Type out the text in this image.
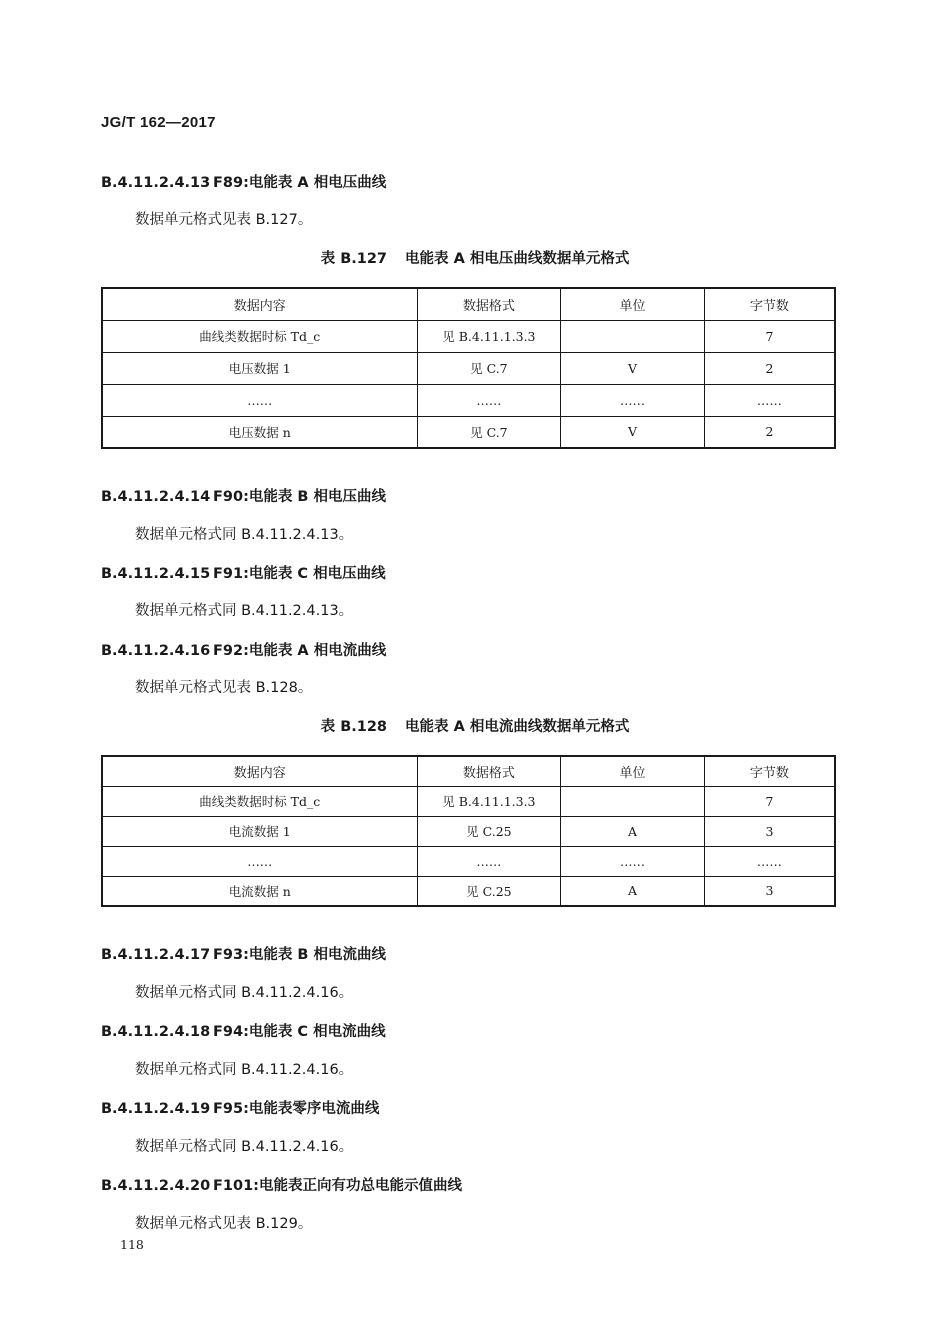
JG/T 162—2017
B.4.11.2.4.13 F89:电能表 A 相电压曲线
数据单元格式见表 B.127。
表 B.127 电能表 A 相电压曲线数据单元格式
数据内容	数据格式	单位	字节数
曲线类数据时标 Td_c	见 B.4.11.1.3.3		7
电压数据 1	见 C.7	V	2
……	……	……	……
电压数据 n	见 C.7	V	2
B.4.11.2.4.14 F90:电能表 B 相电压曲线
数据单元格式同 B.4.11.2.4.13。
B.4.11.2.4.15 F91:电能表 C 相电压曲线
数据单元格式同 B.4.11.2.4.13。
B.4.11.2.4.16 F92:电能表 A 相电流曲线
数据单元格式见表 B.128。
表 B.128 电能表 A 相电流曲线数据单元格式
数据内容	数据格式	单位	字节数
曲线类数据时标 Td_c	见 B.4.11.1.3.3		7
电流数据 1	见 C.25	A	3
……	……	……	……
电流数据 n	见 C.25	A	3
B.4.11.2.4.17 F93:电能表 B 相电流曲线
数据单元格式同 B.4.11.2.4.16。
B.4.11.2.4.18 F94:电能表 C 相电流曲线
数据单元格式同 B.4.11.2.4.16。
B.4.11.2.4.19 F95:电能表零序电流曲线
数据单元格式同 B.4.11.2.4.16。
B.4.11.2.4.20 F101:电能表正向有功总电能示值曲线
数据单元格式见表 B.129。
118
